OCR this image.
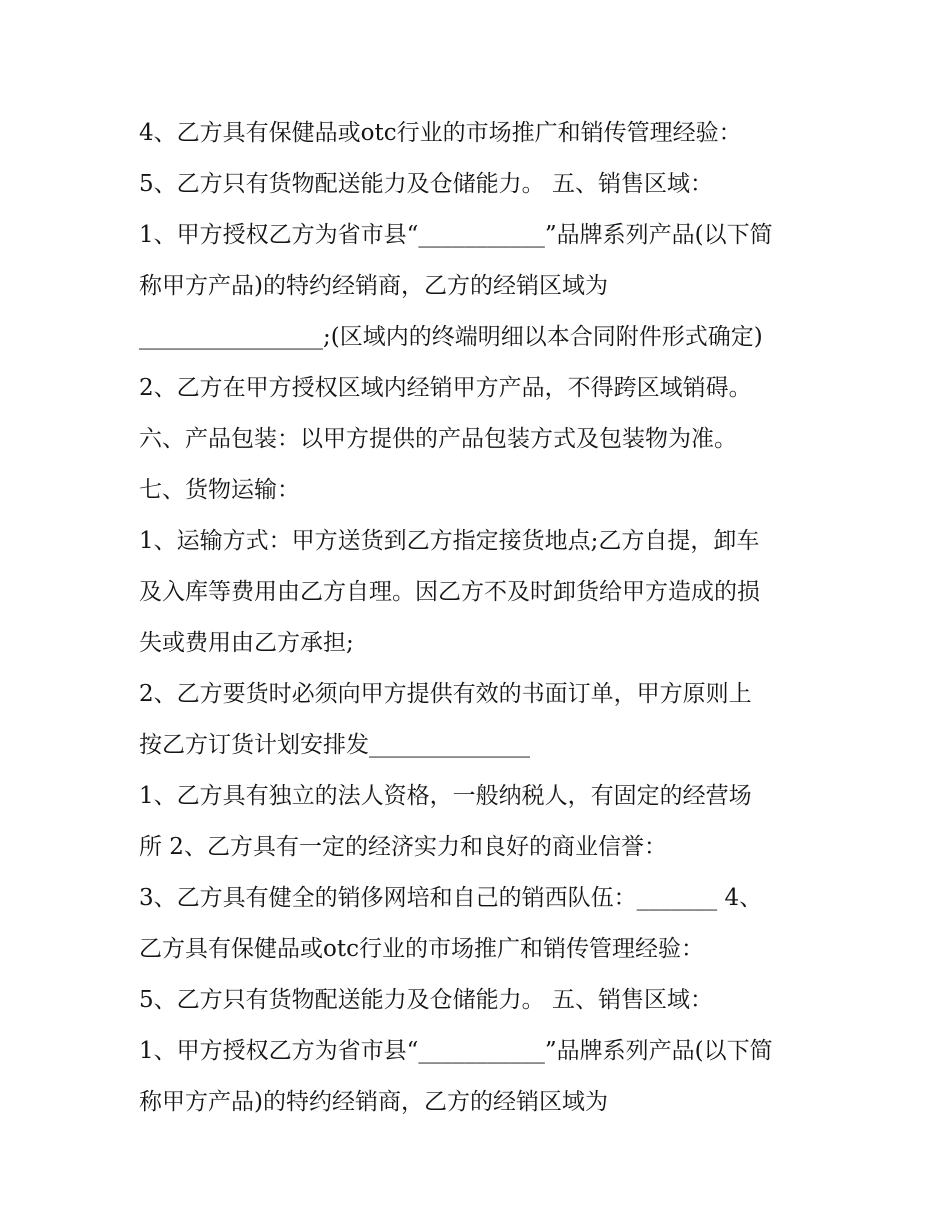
4、乙方具有保健品或otc行业的市场推广和销传管理经验：
5、乙方只有货物配送能力及仓储能力。 五、销售区域：
1、甲方授权乙方为省市县“___________”品牌系列产品(以下简
称甲方产品)的特约经销商，乙方的经销区域为
________________;(区域内的终端明细以本合同附件形式确定)
2、乙方在甲方授权区域内经销甲方产品，不得跨区域销碍。
六、产品包装：以甲方提供的产品包装方式及包装物为准。
七、货物运输：
1、运输方式：甲方送货到乙方指定接货地点;乙方自提，卸车
及入库等费用由乙方自理。因乙方不及时卸货给甲方造成的损
失或费用由乙方承担;
2、乙方要货时必须向甲方提供有效的书面订单，甲方原则上
按乙方订货计划安排发______________
1、乙方具有独立的法人资格，一般纳税人，有固定的经营场
所 2、乙方具有一定的经济实力和良好的商业信誉：
3、乙方具有健全的销侈网培和自己的销西队伍：_______ 4、
乙方具有保健品或otc行业的市场推广和销传管理经验：
5、乙方只有货物配送能力及仓储能力。 五、销售区域：
1、甲方授权乙方为省市县“___________”品牌系列产品(以下简
称甲方产品)的特约经销商，乙方的经销区域为
